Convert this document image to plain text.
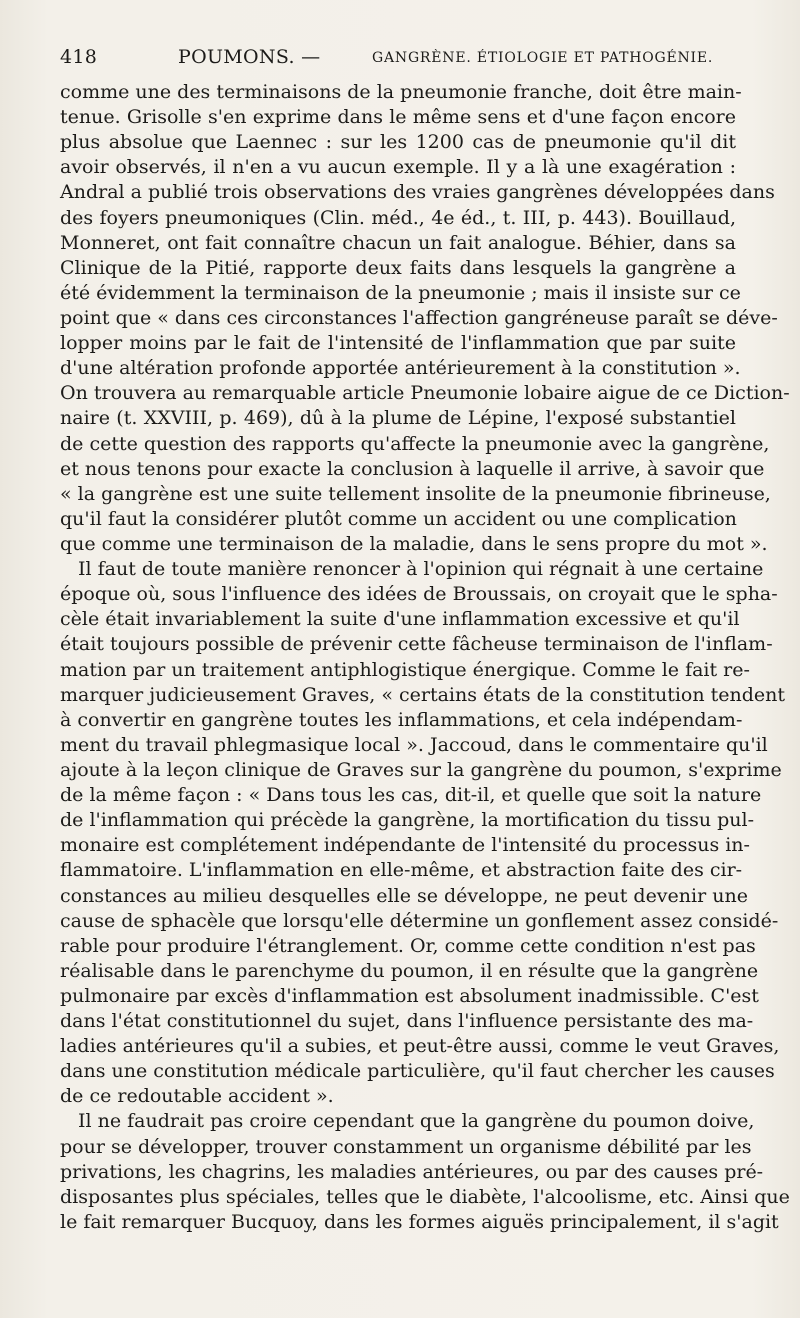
418	POUMONS. —	GANGRÈNE. ÉTIOLOGIE ET PATHOGÉNIE.
comme une des terminaisons de la pneumonie franche, doit être main-
tenue. Grisolle s'en exprime dans le même sens et d'une façon encore
plus absolue que Laennec : sur les 1200 cas de pneumonie qu'il dit
avoir observés, il n'en a vu aucun exemple. Il y a là une exagération :
Andral a publié trois observations des vraies gangrènes développées dans
des foyers pneumoniques (Clin. méd., 4e éd., t. III, p. 443). Bouillaud,
Monneret, ont fait connaître chacun un fait analogue. Béhier, dans sa
Clinique de la Pitié, rapporte deux faits dans lesquels la gangrène a
été évidemment la terminaison de la pneumonie ; mais il insiste sur ce
point que « dans ces circonstances l'affection gangréneuse paraît se déve-
lopper moins par le fait de l'intensité de l'inflammation que par suite
d'une altération profonde apportée antérieurement à la constitution ».
On trouvera au remarquable article Pneumonie lobaire aigue de ce Diction-
naire (t. XXVIII, p. 469), dû à la plume de Lépine, l'exposé substantiel
de cette question des rapports qu'affecte la pneumonie avec la gangrène,
et nous tenons pour exacte la conclusion à laquelle il arrive, à savoir que
« la gangrène est une suite tellement insolite de la pneumonie fibrineuse,
qu'il faut la considérer plutôt comme un accident ou une complication
que comme une terminaison de la maladie, dans le sens propre du mot ».
Il faut de toute manière renoncer à l'opinion qui régnait à une certaine
époque où, sous l'influence des idées de Broussais, on croyait que le spha-
cèle était invariablement la suite d'une inflammation excessive et qu'il
était toujours possible de prévenir cette fâcheuse terminaison de l'inflam-
mation par un traitement antiphlogistique énergique. Comme le fait re-
marquer judicieusement Graves, « certains états de la constitution tendent
à convertir en gangrène toutes les inflammations, et cela indépendam-
ment du travail phlegmasique local ». Jaccoud, dans le commentaire qu'il
ajoute à la leçon clinique de Graves sur la gangrène du poumon, s'exprime
de la même façon : « Dans tous les cas, dit-il, et quelle que soit la nature
de l'inflammation qui précède la gangrène, la mortification du tissu pul-
monaire est complétement indépendante de l'intensité du processus in-
flammatoire. L'inflammation en elle-même, et abstraction faite des cir-
constances au milieu desquelles elle se développe, ne peut devenir une
cause de sphacèle que lorsqu'elle détermine un gonflement assez considé-
rable pour produire l'étranglement. Or, comme cette condition n'est pas
réalisable dans le parenchyme du poumon, il en résulte que la gangrène
pulmonaire par excès d'inflammation est absolument inadmissible. C'est
dans l'état constitutionnel du sujet, dans l'influence persistante des ma-
ladies antérieures qu'il a subies, et peut-être aussi, comme le veut Graves,
dans une constitution médicale particulière, qu'il faut chercher les causes
de ce redoutable accident ».
Il ne faudrait pas croire cependant que la gangrène du poumon doive,
pour se développer, trouver constamment un organisme débilité par les
privations, les chagrins, les maladies antérieures, ou par des causes pré-
disposantes plus spéciales, telles que le diabète, l'alcoolisme, etc. Ainsi que
le fait remarquer Bucquoy, dans les formes aiguës principalement, il s'agit
